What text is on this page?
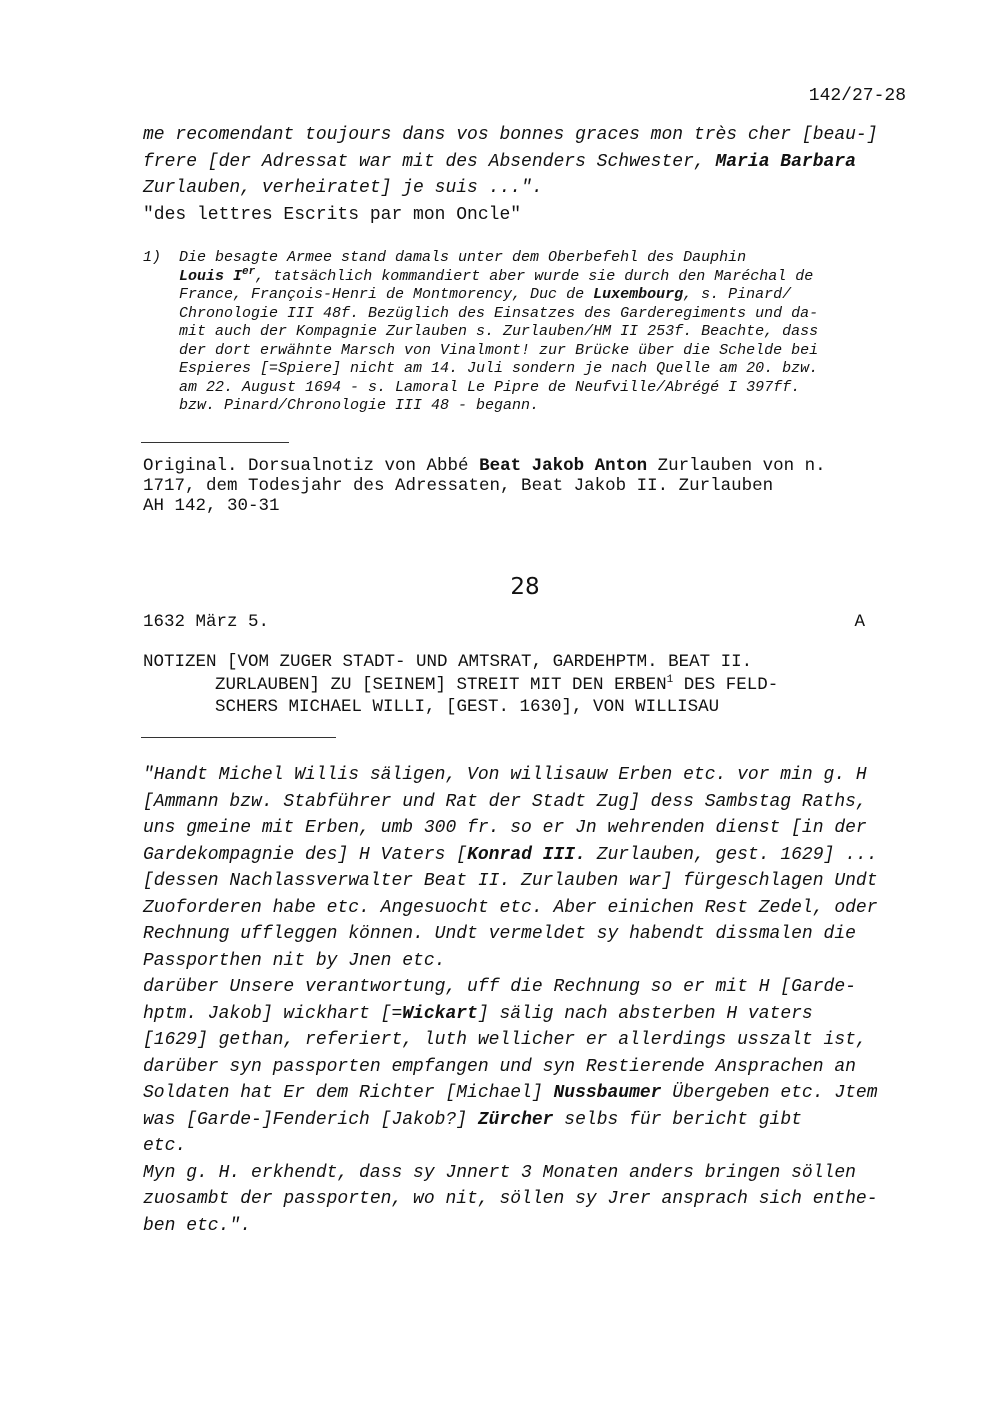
142/27-28
me recomendant toujours dans vos bonnes graces mon très cher [beau-]
frere [der Adressat war mit des Absenders Schwester, Maria Barbara
Zurlauben, verheiratet] je suis ...".
"des lettres Escrits par mon Oncle"
1)	Die besagte Armee stand damals unter dem Oberbefehl des Dauphin
Louis Ier, tatsächlich kommandiert aber wurde sie durch den Maréchal de
France, François-Henri de Montmorency, Duc de Luxembourg, s. Pinard/
Chronologie III 48f. Bezüglich des Einsatzes des Garderegiments und da-
mit auch der Kompagnie Zurlauben s. Zurlauben/HM II 253f. Beachte, dass
der dort erwähnte Marsch von Vinalmont! zur Brücke über die Schelde bei
Espieres [=Spiere] nicht am 14. Juli sondern je nach Quelle am 20. bzw.
am 22. August 1694 - s. Lamoral Le Pipre de Neufville/Abrégé I 397ff.
bzw. Pinard/Chronologie III 48 - begann.
Original. Dorsualnotiz von Abbé Beat Jakob Anton Zurlauben von n.
1717, dem Todesjahr des Adressaten, Beat Jakob II. Zurlauben
AH 142, 30-31
28
1632 März 5.	A
NOTIZEN [VOM ZUGER STADT- UND AMTSRAT, GARDEHPTM. BEAT II.
ZURLAUBEN] ZU [SEINEM] STREIT MIT DEN ERBEN$^1$ DES FELD-
SCHERS MICHAEL WILLI, [GEST. 1630], VON WILLISAU
"Handt Michel Willis säligen, Von willisauw Erben etc. vor min g. H
[Ammann bzw. Stabführer und Rat der Stadt Zug] dess Sambstag Raths,
uns gmeine mit Erben, umb 300 fr. so er Jn wehrenden dienst [in der
Gardekompagnie des] H Vaters [Konrad III. Zurlauben, gest. 1629] ...
[dessen Nachlassverwalter Beat II. Zurlauben war] fürgeschlagen Undt
Zuoforderen habe etc. Angesuocht etc. Aber einichen Rest Zedel, oder
Rechnung uffleggen können. Undt vermeldet sy habendt dissmalen die
Passporthen nit by Jnen etc.
darüber Unsere verantwortung, uff die Rechnung so er mit H [Garde-
hptm. Jakob] wickhart [=Wickart] sälig nach absterben H vaters
[1629] gethan, referiert, luth wellicher er allerdings usszalt ist,
darüber syn passporten empfangen und syn Restierende Ansprachen an
Soldaten hat Er dem Richter [Michael] Nussbaumer Übergeben etc. Jtem
was [Garde-]Fenderich [Jakob?] Zürcher selbs für bericht gibt
etc.
Myn g. H. erkhendt, dass sy Jnnert 3 Monaten anders bringen söllen
zuosambt der passporten, wo nit, söllen sy Jrer ansprach sich enthe-
ben etc.".
